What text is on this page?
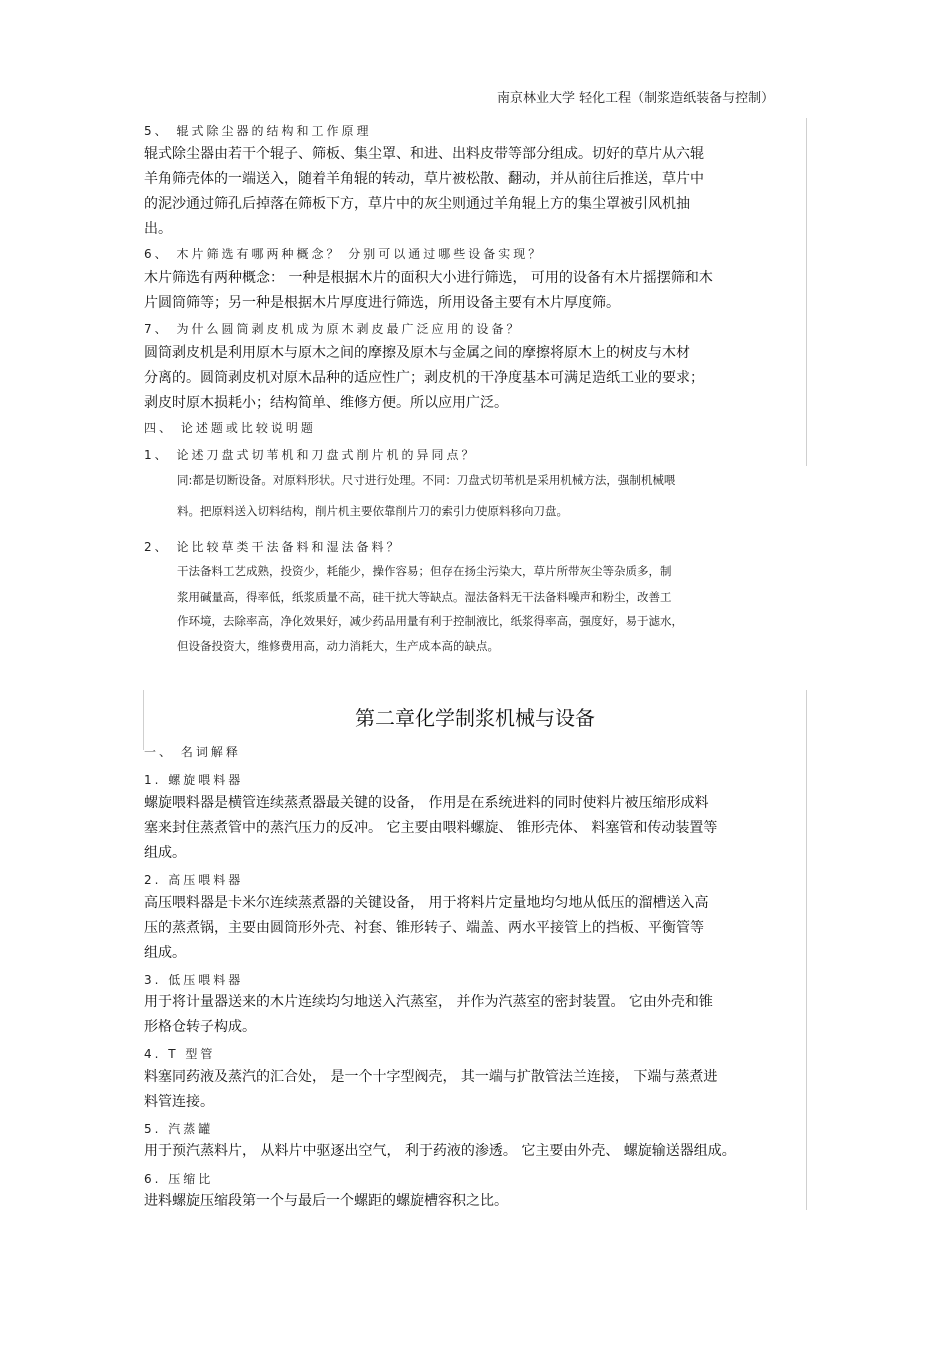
南京林业大学 轻化工程（制浆造纸装备与控制）
5、 辊式除尘器的结构和工作原理
辊式除尘器由若干个辊子、筛板、集尘罩、和进、出料皮带等部分组成。切好的草片从六辊
羊角筛壳体的一端送入，随着羊角辊的转动，草片被松散、翻动，并从前往后推送，草片中
的泥沙通过筛孔后掉落在筛板下方，草片中的灰尘则通过羊角辊上方的集尘罩被引风机抽
出。
6、 木片筛选有哪两种概念？ 分别可以通过哪些设备实现？
木片筛选有两种概念： 一种是根据木片的面积大小进行筛选， 可用的设备有木片摇摆筛和木
片圆筒筛等；另一种是根据木片厚度进行筛选，所用设备主要有木片厚度筛。
7、 为什么圆筒剥皮机成为原木剥皮最广泛应用的设备？
圆筒剥皮机是利用原木与原木之间的摩擦及原木与金属之间的摩擦将原木上的树皮与木材
分离的。圆筒剥皮机对原木品种的适应性广；剥皮机的干净度基本可满足造纸工业的要求；
剥皮时原木损耗小；结构简单、维修方便。所以应用广泛。
四、 论述题或比较说明题
1、 论述刀盘式切苇机和刀盘式削片机的异同点？
同:都是切断设备。对原料形状。尺寸进行处理。不同：刀盘式切苇机是采用机械方法，强制机械喂
料。把原料送入切料结构，削片机主要依靠削片刀的索引力使原料移向刀盘。
2、 论比较草类干法备料和湿法备料？
干法备料工艺成熟，投资少，耗能少，操作容易；但存在扬尘污染大，草片所带灰尘等杂质多，制
浆用碱量高，得率低，纸浆质量不高，硅干扰大等缺点。湿法备料无干法备料噪声和粉尘，改善工
作环境，去除率高，净化效果好，减少药品用量有利于控制液比，纸浆得率高，强度好，易于滤水，
但设备投资大，维修费用高，动力消耗大，生产成本高的缺点。
第二章化学制浆机械与设备
一、 名词解释
1. 螺旋喂料器
螺旋喂料器是横管连续蒸煮器最关键的设备， 作用是在系统进料的同时使料片被压缩形成料
塞来封住蒸煮管中的蒸汽压力的反冲。 它主要由喂料螺旋、 锥形壳体、 料塞管和传动装置等
组成。
2. 高压喂料器
高压喂料器是卡米尔连续蒸煮器的关键设备， 用于将料片定量地均匀地从低压的溜槽送入高
压的蒸煮锅，主要由圆筒形外壳、衬套、锥形转子、端盖、两水平接管上的挡板、平衡管等
组成。
3. 低压喂料器
用于将计量器送来的木片连续均匀地送入汽蒸室， 并作为汽蒸室的密封装置。 它由外壳和锥
形格仓转子构成。
4. T 型管
料塞同药液及蒸汽的汇合处， 是一个十字型阀壳， 其一端与扩散管法兰连接， 下端与蒸煮进
料管连接。
5. 汽蒸罐
用于预汽蒸料片， 从料片中驱逐出空气， 利于药液的渗透。 它主要由外壳、 螺旋输送器组成。
6. 压缩比
进料螺旋压缩段第一个与最后一个螺距的螺旋槽容积之比。
